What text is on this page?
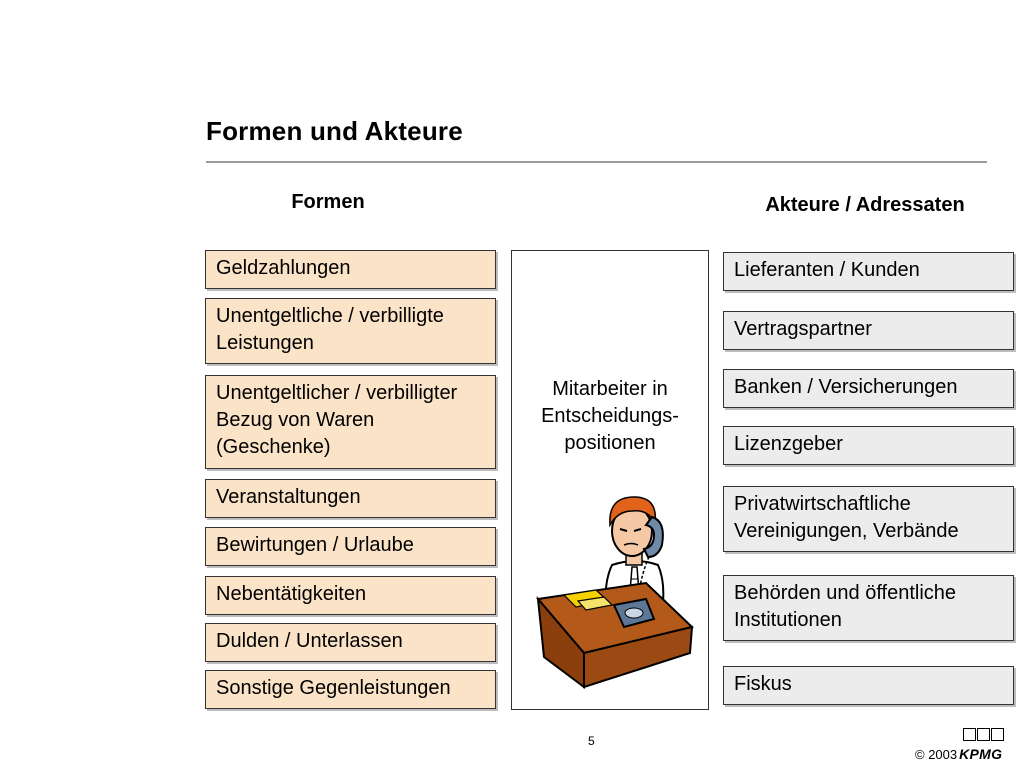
Formen und Akteure
Formen	Akteure / Adressaten
Geldzahlungen
Unentgeltliche / verbilligte Leistungen
Unentgeltlicher / verbilligter Bezug von Waren (Geschenke)
Veranstaltungen
Bewirtungen / Urlaube
Nebentätigkeiten
Dulden / Unterlassen
Sonstige Gegenleistungen
Mitarbeiter in
Entscheidungs-
positionen
Lieferanten / Kunden
Vertragspartner
Banken / Versicherungen
Lizenzgeber
Privatwirtschaftliche Vereinigungen, Verbände
Behörden und öffentliche Institutionen
Fiskus
5
© 2003 KPMG
